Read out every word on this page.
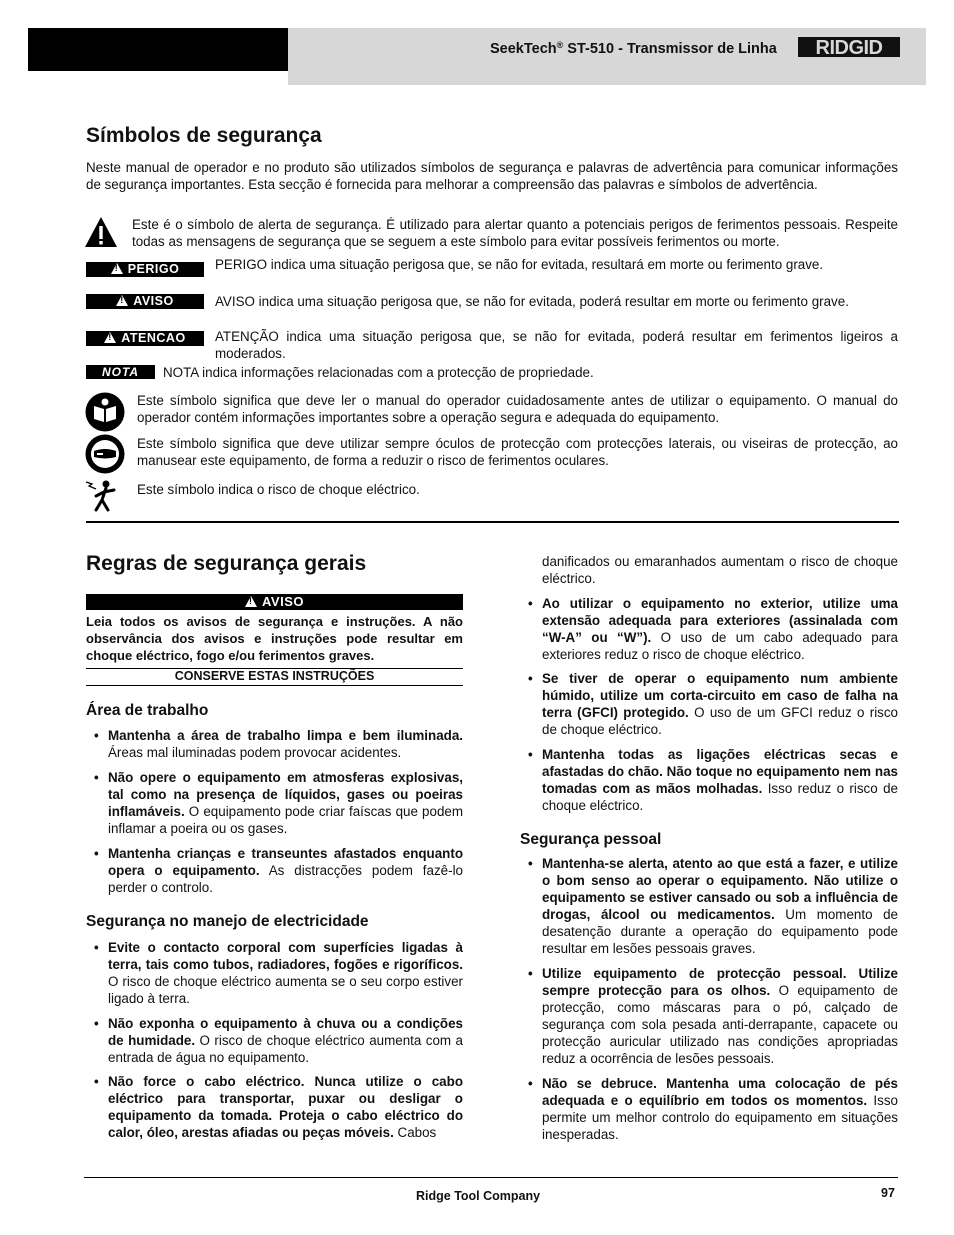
SeekTech® ST-510 - Transmissor de Linha RIDGID
Símbolos de segurança
Neste manual de operador e no produto são utilizados símbolos de segurança e palavras de advertência para comunicar informações de segurança importantes. Esta secção é fornecida para melhorar a compreensão das palavras e símbolos de advertência.
Este é o símbolo de alerta de segurança. É utilizado para alertar quanto a potenciais perigos de ferimentos pessoais. Respeite todas as mensagens de segurança que se seguem a este símbolo para evitar possíveis ferimentos ou morte.
!PERIGO	PERIGO indica uma situação perigosa que, se não for evitada, resultará em morte ou ferimento grave.
!AVISO	AVISO indica uma situação perigosa que, se não for evitada, poderá resultar em morte ou ferimento grave.
!ATENCAO	ATENÇÃO indica uma situação perigosa que, se não for evitada, poderá resultar em ferimentos ligeiros a moderados.
NOTA	NOTA indica informações relacionadas com a protecção de propriedade.
Este símbolo significa que deve ler o manual do operador cuidadosamente antes de utilizar o equipamento. O manual do operador contém informações importantes sobre a operação segura e adequada do equipamento.
Este símbolo significa que deve utilizar sempre óculos de protecção com protecções laterais, ou viseiras de protecção, ao manusear este equipamento, de forma a reduzir o risco de ferimentos oculares.
Este símbolo indica o risco de choque eléctrico.
Regras de segurança gerais
!AVISO
Leia todos os avisos de segurança e instruções. A não observância dos avisos e instruções pode resultar em choque eléctrico, fogo e/ou ferimentos graves.
CONSERVE ESTAS INSTRUÇÕES
Área de trabalho
• Mantenha a área de trabalho limpa e bem iluminada. Áreas mal iluminadas podem provocar acidentes.
• Não opere o equipamento em atmosferas explosivas, tal como na presença de líquidos, gases ou poeiras inflamáveis. O equipamento pode criar faíscas que podem inflamar a poeira ou os gases.
• Mantenha crianças e transeuntes afastados enquanto opera o equipamento. As distracções podem fazê-lo perder o controlo.
Segurança no manejo de electricidade
• Evite o contacto corporal com superfícies ligadas à terra, tais como tubos, radiadores, fogões e rigoríficos. O risco de choque eléctrico aumenta se o seu corpo estiver ligado à terra.
• Não exponha o equipamento à chuva ou a condições de humidade. O risco de choque eléctrico aumenta com a entrada de água no equipamento.
• Não force o cabo eléctrico. Nunca utilize o cabo eléctrico para transportar, puxar ou desligar o equipamento da tomada. Proteja o cabo eléctrico do calor, óleo, arestas afiadas ou peças móveis. Cabos
danificados ou emaranhados aumentam o risco de choque eléctrico.
• Ao utilizar o equipamento no exterior, utilize uma extensão adequada para exteriores (assinalada com “W-A” ou “W”). O uso de um cabo adequado para exteriores reduz o risco de choque eléctrico.
• Se tiver de operar o equipamento num ambiente húmido, utilize um corta-circuito em caso de falha na terra (GFCI) protegido. O uso de um GFCI reduz o risco de choque eléctrico.
• Mantenha todas as ligações eléctricas secas e afastadas do chão. Não toque no equipamento nem nas tomadas com as mãos molhadas. Isso reduz o risco de choque eléctrico.
Segurança pessoal
• Mantenha-se alerta, atento ao que está a fazer, e utilize o bom senso ao operar o equipamento. Não utilize o equipamento se estiver cansado ou sob a influência de drogas, álcool ou medicamentos. Um momento de desatenção durante a operação do equipamento pode resultar em lesões pessoais graves.
• Utilize equipamento de protecção pessoal. Utilize sempre protecção para os olhos. O equipamento de protecção, como máscaras para o pó, calçado de segurança com sola pesada anti-derrapante, capacete ou protecção auricular utilizado nas condições apropriadas reduz a ocorrência de lesões pessoais.
• Não se debruce. Mantenha uma colocação de pés adequada e o equilíbrio em todos os momentos. Isso permite um melhor controlo do equipamento em situações inesperadas.
Ridge Tool Company	97
